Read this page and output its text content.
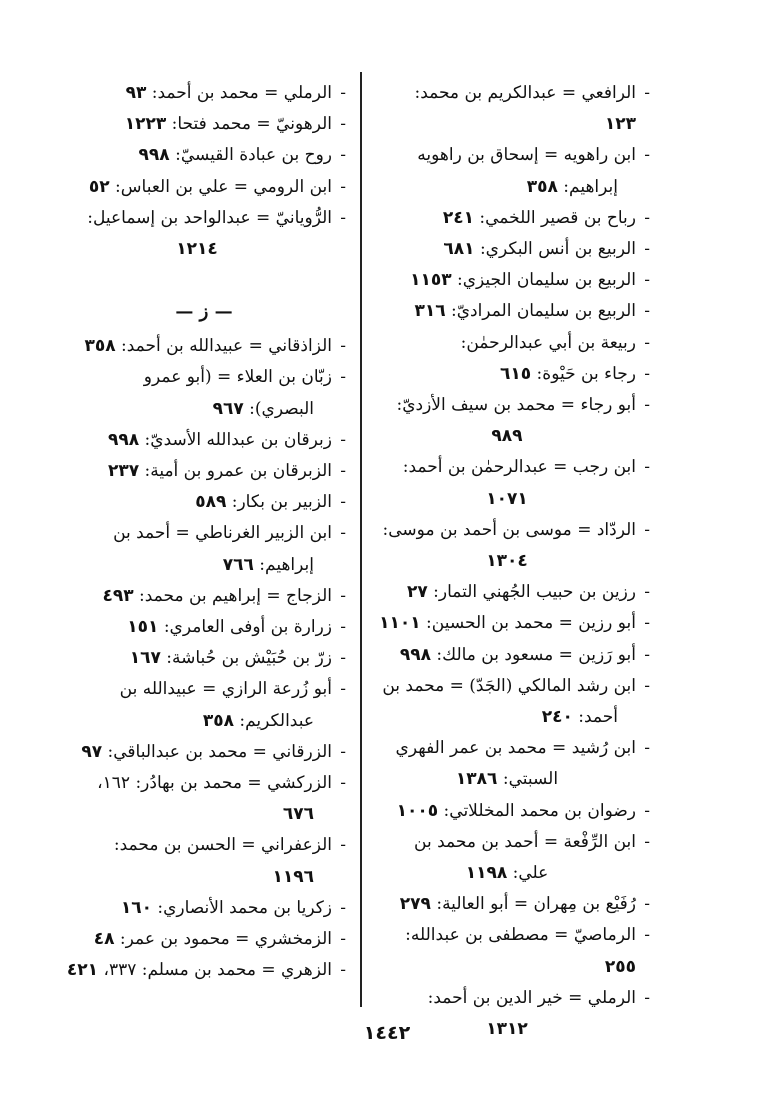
- الرافعي = عبدالكريم بن محمد: ١٢٣
- ابن راهويه = إسحاق بن راهويه
إبراهيم: ٣٥٨
- رباح بن قصير اللخمي: ٢٤١
- الربيع بن أنس البكري: ٦٨١
- الربيع بن سليمان الجيزي: ١١٥٣
- الربيع بن سليمان المراديّ: ٣١٦
- ربيعة بن أبي عبدالرحمٰن:
- رجاء بن حَيْوة: ٦١٥
- أبو رجاء = محمد بن سيف الأزديّ:
٩٨٩
- ابن رجب = عبدالرحمٰن بن أحمد:
١٠٧١
- الردّاد = موسى بن أحمد بن موسى:
١٣٠٤
- رزين بن حبيب الجُهني التمار: ٢٧
- أبو رزين = محمد بن الحسين: ١١٠١
- أبو رَزين = مسعود بن مالك: ٩٩٨
- ابن رشد المالكي (الجَدّ) = محمد بن
أحمد: ٢٤٠
- ابن رُشيد = محمد بن عمر الفهري
السبتي: ١٣٨٦
- رضوان بن محمد المخللاتي: ١٠٠٥
- ابن الرِّفْعة = أحمد بن محمد بن
علي: ١١٩٨
- رُفَيْع بن مِهران = أبو العالية: ٢٧٩
- الرماصيّ = مصطفى بن عبدالله: ٢٥٥
- الرملي = خير الدين بن أحمد:
١٣١٢
- الرملي = محمد بن أحمد: ٩٣
- الرهونيّ = محمد فتحا: ١٢٢٣
- روح بن عبادة القيسيّ: ٩٩٨
- ابن الرومي = علي بن العباس: ٥٢
- الرُّويانيّ = عبدالواحد بن إسماعيل:
١٢١٤
— ز —
- الزاذقاني = عبيدالله بن أحمد: ٣٥٨
- زبّان بن العلاء = (أبو عمرو
البصري): ٩٦٧
- زبرقان بن عبدالله الأسديّ: ٩٩٨
- الزبرقان بن عمرو بن أمية: ٢٣٧
- الزبير بن بكار: ٥٨٩
- ابن الزبير الغرناطي = أحمد بن
إبراهيم: ٧٦٦
- الزجاج = إبراهيم بن محمد: ٤٩٣
- زرارة بن أوفى العامري: ١٥١
- زرّ بن حُبَيْش بن حُباشة: ١٦٧
- أبو زُرعة الرازي = عبيدالله بن
عبدالكريم: ٣٥٨
- الزرقاني = محمد بن عبدالباقي: ٩٧
- الزركشي = محمد بن بهادُر: ١٦٢،
٦٧٦
- الزعفراني = الحسن بن محمد:
١١٩٦
- زكريا بن محمد الأنصاري: ١٦٠
- الزمخشري = محمود بن عمر: ٤٨
- الزهري = محمد بن مسلم: ٣٣٧، ٤٢١
١٤٤٢
